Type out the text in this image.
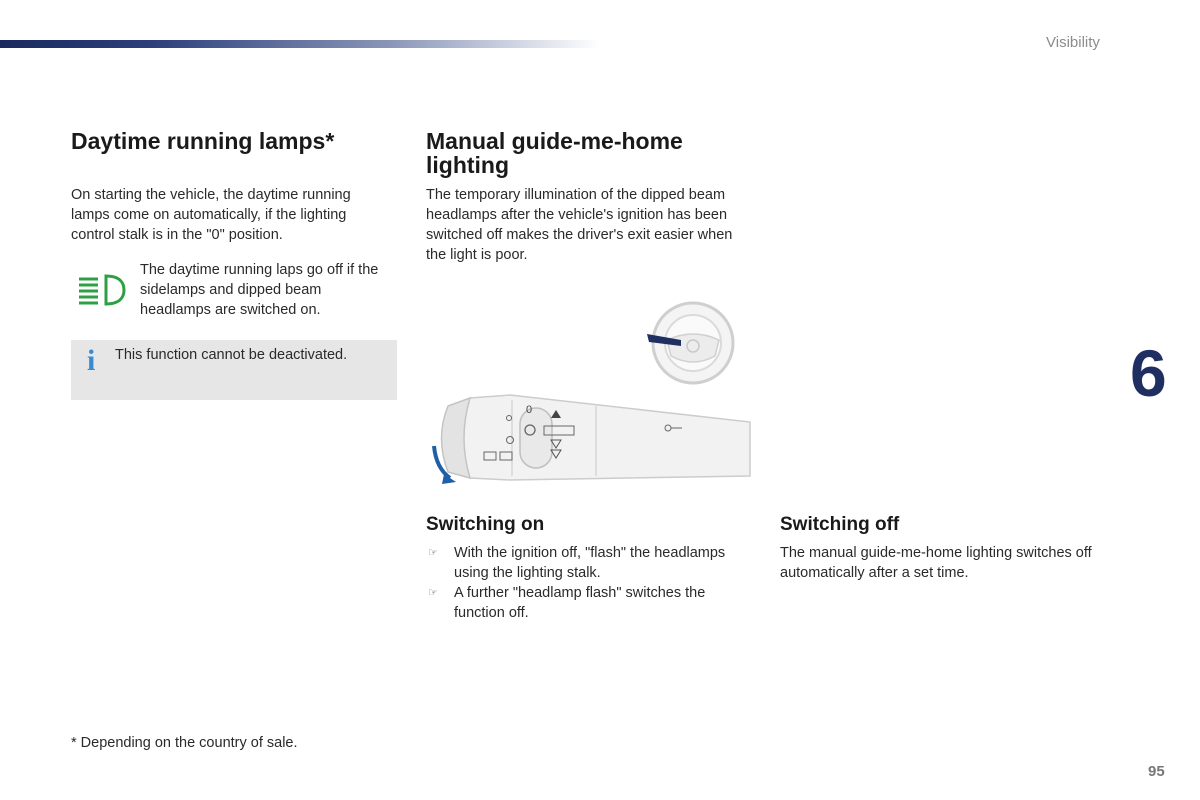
Visibility
6
Daytime running lamps*

On starting the vehicle, the daytime running lamps come on automatically, if the lighting control stalk is in the "0" position.

The daytime running laps go off if the sidelamps and dipped beam headlamps are switched on.

i This function cannot be deactivated.

Manual guide-me-home
lighting

The temporary illumination of the dipped beam headlamps after the vehicle's ignition has been switched off makes the driver's exit easier when the light is poor.

0
Switching on
☞ With the ignition off, "flash" the headlamps using the lighting stalk.
☞ A further "headlamp flash" switches the function off.
Switching off

The manual guide-me-home lighting switches off automatically after a set time.

* Depending on the country of sale.
95
